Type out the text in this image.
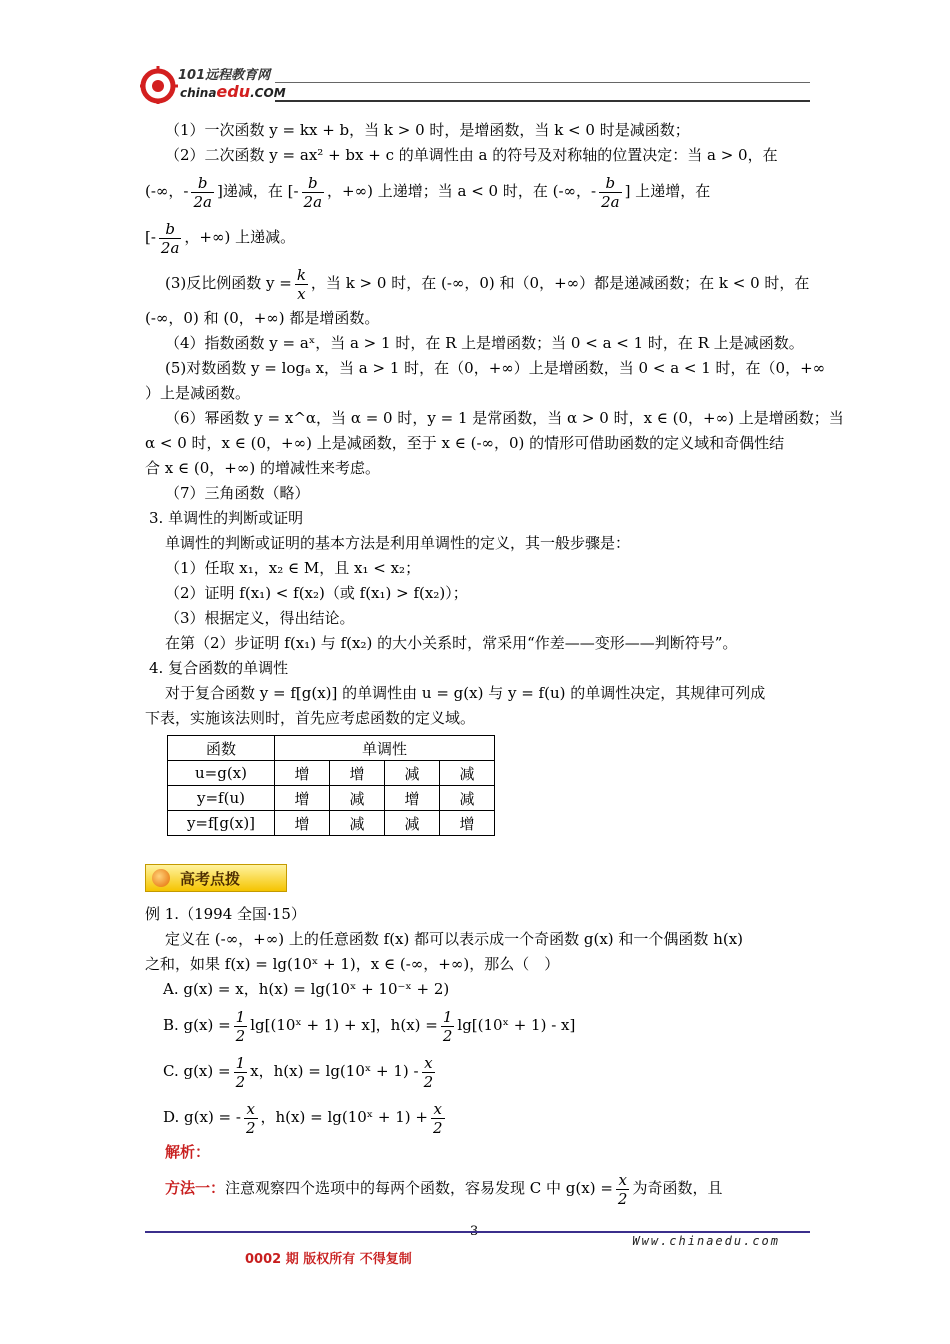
101远程教育网
chinaedu.COM

（1）一次函数 y = kx + b，当 k > 0 时，是增函数，当 k < 0 时是减函数；

（2）二次函数 y = ax² + bx + c 的单调性由 a 的符号及对称轴的位置决定：当 a > 0，在

(-∞，- $\frac{b}{2a}$ ]递减，在 [- $\frac{b}{2a}$ ，+∞) 上递增；当 a < 0 时，在 (-∞，- $\frac{b}{2a}$ ] 上递增，在

[- $\frac{b}{2a}$ ，+∞) 上递减。

(3)反比例函数 $y = \frac{k}{x}$ ，当 k > 0 时，在 (-∞，0) 和（0，+∞）都是递减函数；在 k < 0 时，在

(-∞，0) 和 (0，+∞) 都是增函数。

（4）指数函数 y = aˣ，当 a > 1 时，在 R 上是增函数；当 0 < a < 1 时，在 R 上是减函数。

(5)对数函数 y = logₐ x，当 a > 1 时，在（0，+∞）上是增函数，当 0 < a < 1 时，在（0，+∞

）上是减函数。

（6）幂函数 y = x^α，当 α = 0 时，y = 1 是常函数，当 α > 0 时，x ∈ (0，+∞) 上是增函数；当

α < 0 时，x ∈ (0，+∞) 上是减函数，至于 x ∈ (-∞，0) 的情形可借助函数的定义域和奇偶性结

合 x ∈ (0，+∞) 的增减性来考虑。

（7）三角函数（略）

3. 单调性的判断或证明

单调性的判断或证明的基本方法是利用单调性的定义，其一般步骤是：

（1）任取 x₁，x₂ ∈ M，且 x₁ < x₂；

（2）证明 f(x₁) < f(x₂)（或 f(x₁) > f(x₂)）；

（3）根据定义，得出结论。

在第（2）步证明 f(x₁) 与 f(x₂) 的大小关系时，常采用“作差——变形——判断符号”。

4. 复合函数的单调性

对于复合函数 y = f[g(x)] 的单调性由 u = g(x) 与 y = f(u) 的单调性决定，其规律可列成

下表，实施该法则时，首先应考虑函数的定义域。

函数	单调性			
u=g(x)	增	增	减	减
y=f(u)	增	减	增	减
y=f[g(x)]	增	减	减	增
高考点拨

例 1.（1994 全国·15）

定义在 (-∞，+∞) 上的任意函数 f(x) 都可以表示成一个奇函数 g(x) 和一个偶函数 h(x)

之和，如果 f(x) = lg(10ˣ + 1)，x ∈ (-∞，+∞)，那么（　）

A. g(x) = x，h(x) = lg(10ˣ + 10⁻ˣ + 2)

B. $g(x) = \frac{1}{2}$ lg[(10ˣ + 1) + x]，$h(x) = \frac{1}{2}$ lg[(10ˣ + 1) - x]

C. $g(x) = \frac{1}{2}$ x，h(x) = lg(10ˣ + $1) - \frac{x}{2}$

D. g(x) = - $\frac{x}{2}$ ，h(x) = lg(10ˣ + $1) + \frac{x}{2}$

解析：

方法一：注意观察四个选项中的每两个函数，容易发现 C 中 $g(x) = \frac{x}{2}$ 为奇函数，且

3
Www.chinaedu.com
0002 期 版权所有 不得复制
